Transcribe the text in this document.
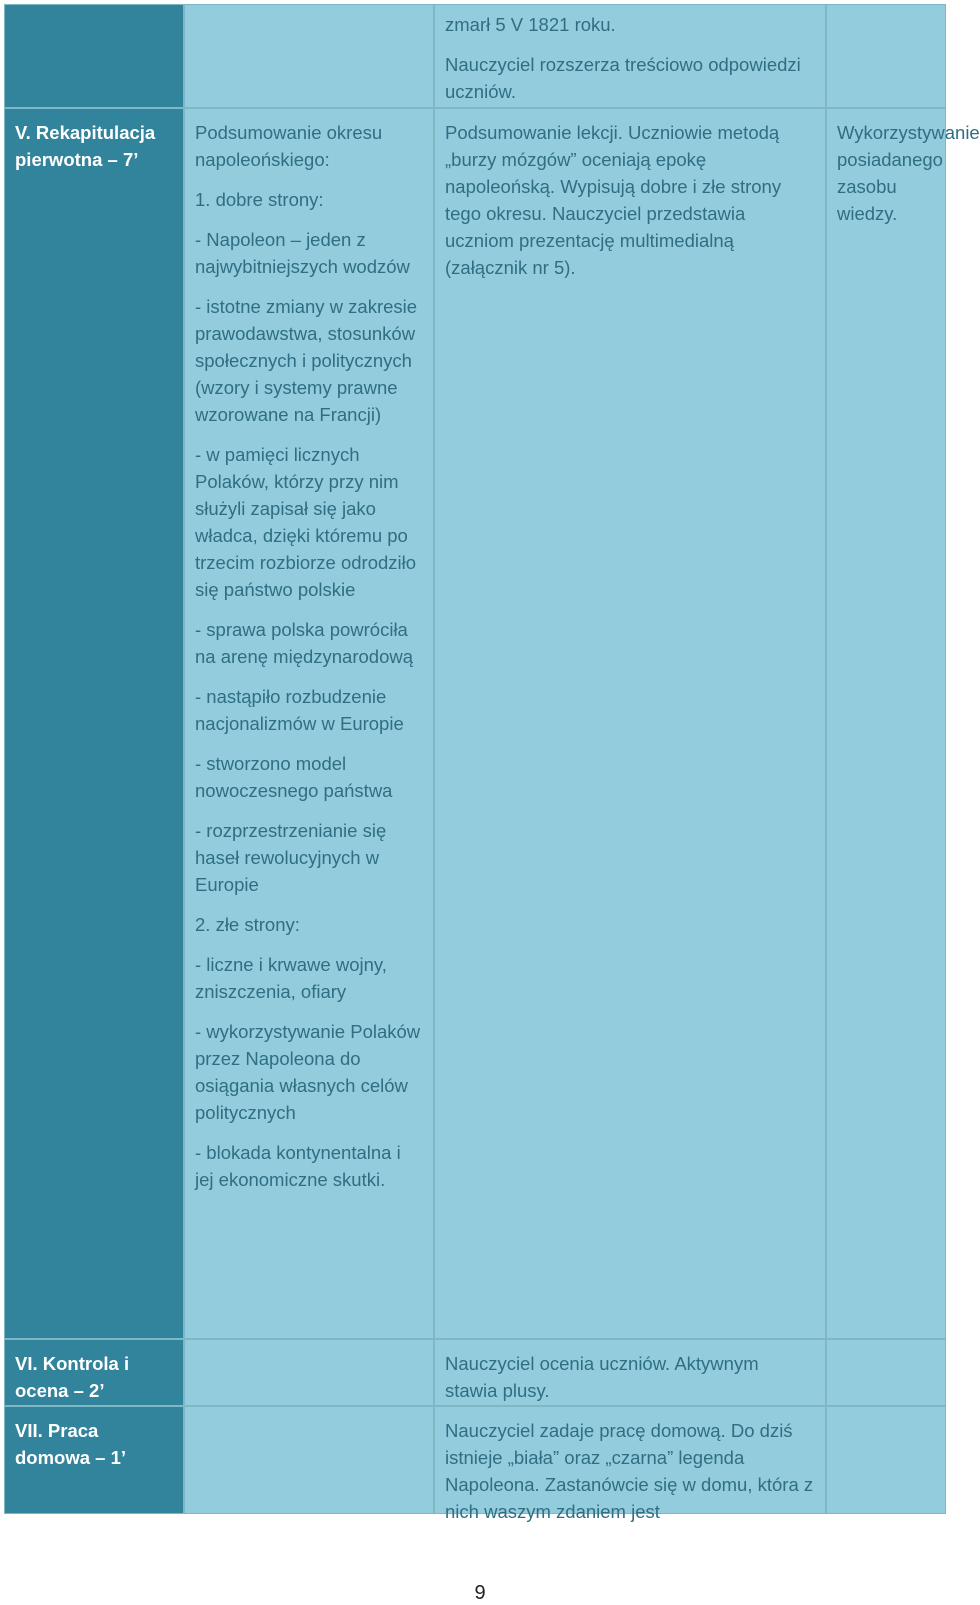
zmarł 5 V 1821 roku.
Nauczyciel rozszerza treściowo odpowiedzi uczniów.
V. Rekapitulacja pierwotna – 7’
Podsumowanie okresu napoleońskiego:
1. dobre strony:
- Napoleon – jeden z najwybitniejszych wodzów
- istotne zmiany w zakresie prawodawstwa, stosunków społecznych i politycznych (wzory i systemy prawne wzorowane na Francji)
- w pamięci licznych Polaków, którzy przy nim służyli zapisał się jako władca, dzięki któremu po trzecim rozbiorze odrodziło się państwo polskie
- sprawa polska powróciła na arenę międzynarodową
- nastąpiło rozbudzenie nacjonalizmów w Europie
- stworzono model nowoczesnego państwa
- rozprzestrzenianie się haseł rewolucyjnych w Europie
2. złe strony:
- liczne i krwawe wojny, zniszczenia, ofiary
- wykorzystywanie Polaków przez Napoleona do osiągania własnych celów politycznych
- blokada kontynentalna i jej ekonomiczne skutki.
Podsumowanie lekcji. Uczniowie metodą „burzy mózgów” oceniają epokę napoleońską. Wypisują dobre i złe strony tego okresu. Nauczyciel przedstawia uczniom prezentację multimedialną (załącznik nr 5).
Wykorzystywanie posiadanego zasobu wiedzy.
VI. Kontrola i ocena – 2’
Nauczyciel ocenia uczniów. Aktywnym stawia plusy.
VII. Praca domowa – 1’
Nauczyciel zadaje pracę domową. Do dziś istnieje „biała” oraz „czarna” legenda Napoleona. Zastanówcie się w domu, która z nich waszym zdaniem jest
9
